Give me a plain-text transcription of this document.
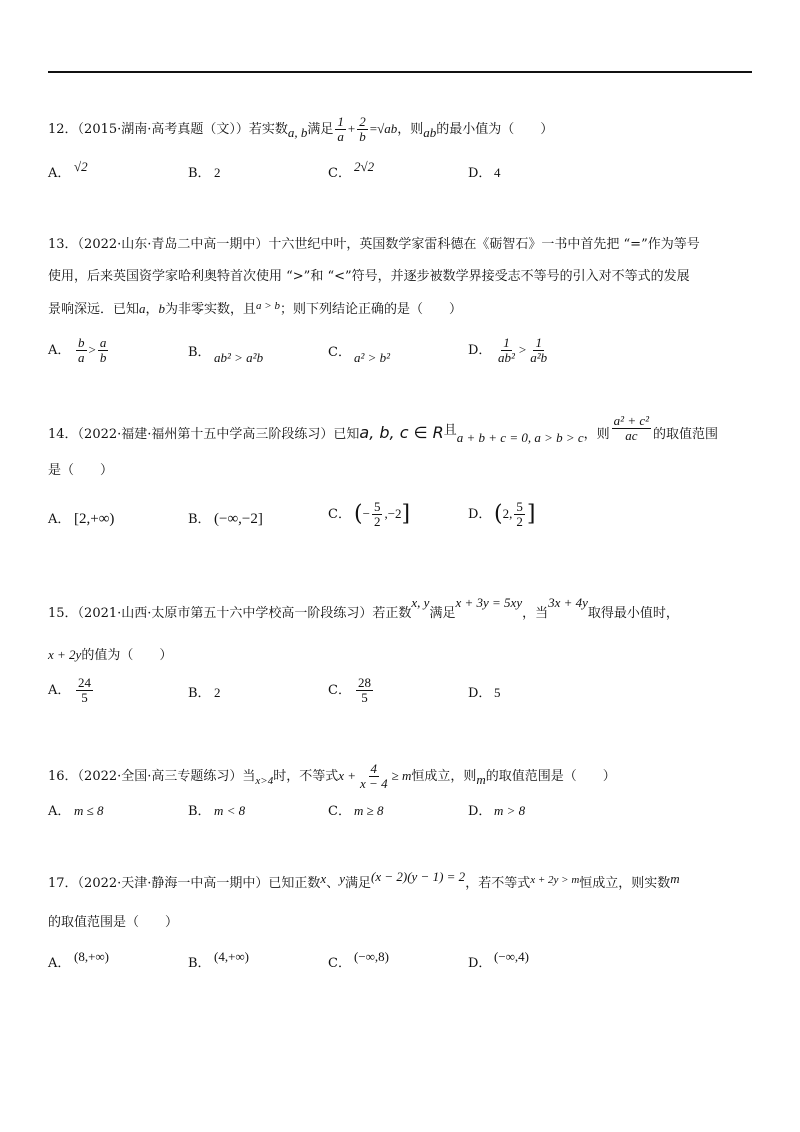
12．（2015·湖南·高考真题（文））若实数a, b满足 $\frac{1}{a} + \frac{2}{b} =√ab$，则ab的最小值为（　　）
A． √2	B． 2	C． 2√2	D． 4
13．（2022·山东·青岛二中高一期中）十六世纪中叶，英国数学家雷科德在《砺智石》一书中首先把 “=”作为等号
使用，后来英国资学家哈利奥特首次使用 “>”和 “<”符号，并逐步被数学界接受志不等号的引入对不等式的发展
景响深远．已知a，b为非零实数，且$^{a > b}$；则下列结论正确的是（　　）
A． $\frac{b}{a} > \frac{a}{b}$	B． ab² > a²b	C． a² > b²	D． $\frac{1}{\text{ab²}} > \frac{1}{\text{a²b}}$
14．（2022·福建·福州第十五中学高三阶段练习）已知a, b, c ∈ R且a + b + c = 0, a > b > c，则 $\frac{\text{a² + c²}}{ac}$ 的取值范围
是（　　）
A． [2,+∞)	B． (−∞,−2]	C． (− $\frac{5}{2} ,-2$]	D． (2, $\frac{5}{2}$ ]
15．（2021·山西·太原市第五十六中学校高一阶段练习）若正数x, y满足x + 3y = 5xy，当3x + 4y取得最小值时，
x + 2y的值为（　　）
A． $\frac{24}{5}$	B． 2	C． $\frac{28}{5}$	D． 5
16．（2022·全国·高三专题练习）当$_{x>4}$时，不等式$x + \frac{4}{x - 4} \ge m$恒成立，则m的取值范围是（　　）
A． m ≤ 8	B． m < 8	C． m ≥ 8	D． m > 8
17．（2022·天津·静海一中高一期中）已知正数x、y满足(x − 2)(y − 1) = 2，若不等式$^{x + 2y > m}$恒成立，则实数m
的取值范围是（　　）
A． (8,+∞)	B． (4,+∞)	C． (−∞,8)	D． (−∞,4)
